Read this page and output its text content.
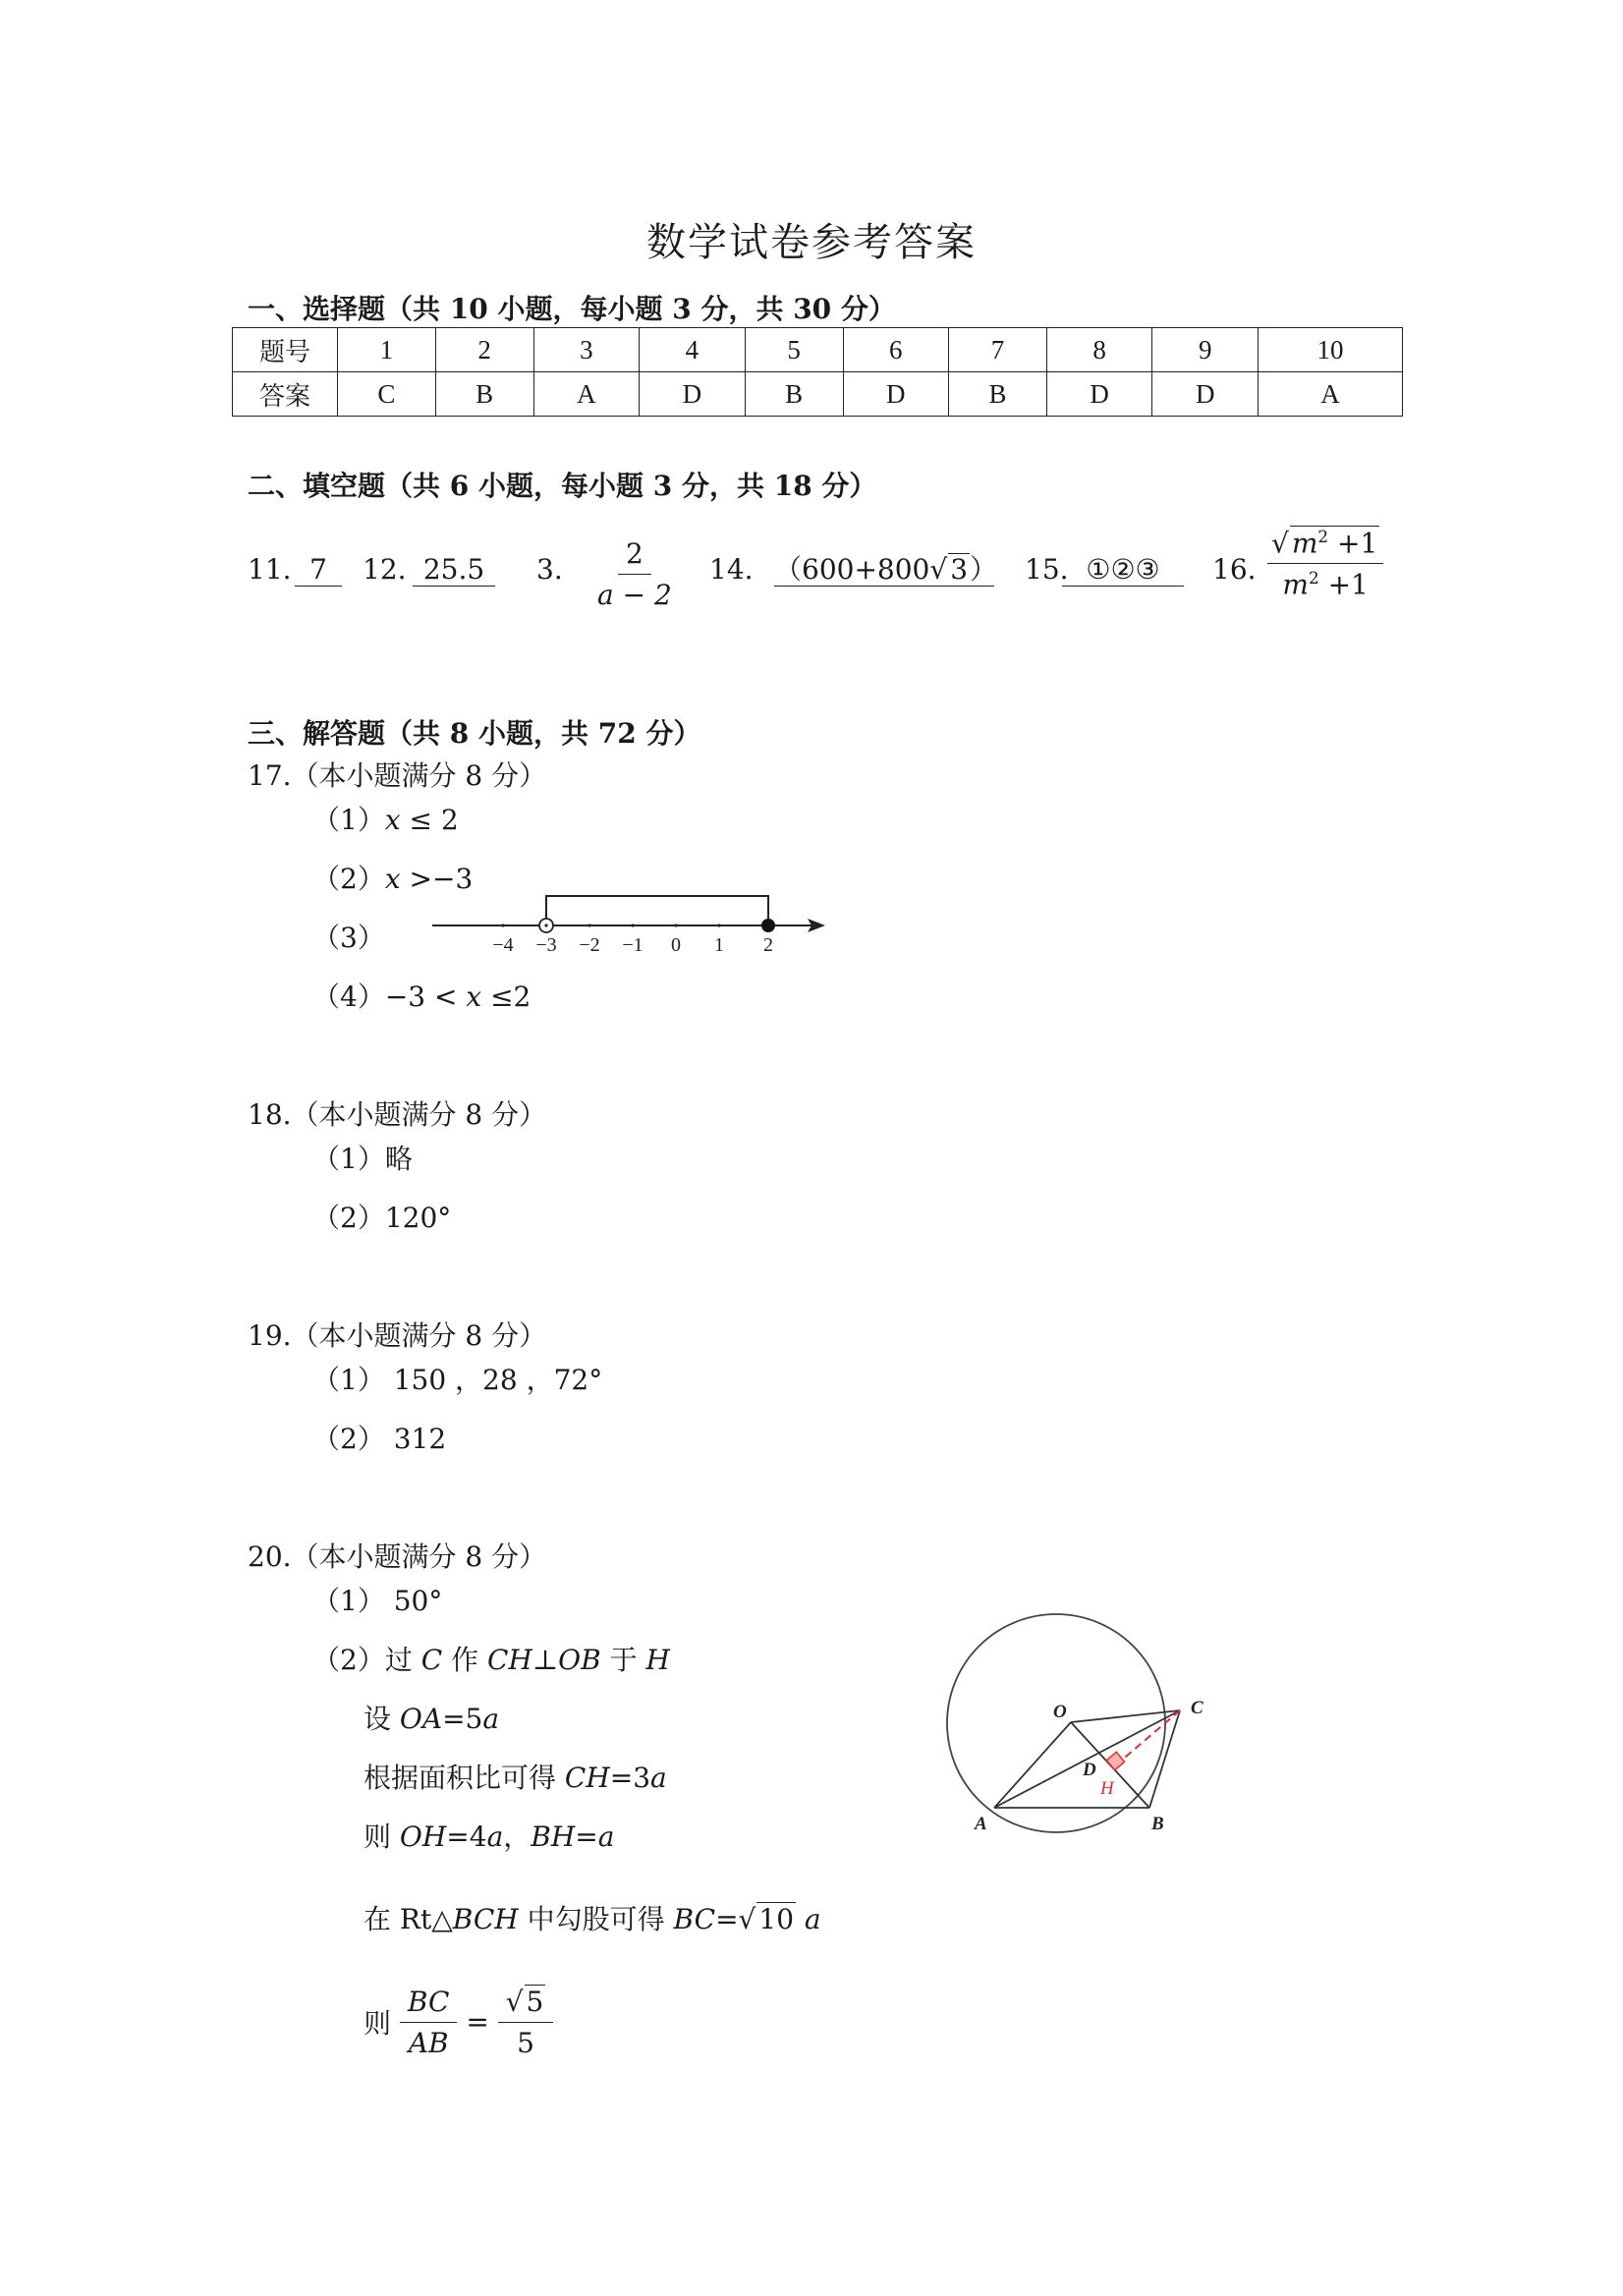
数学试卷参考答案
一、选择题（共 10 小题，每小题 3 分，共 30 分）
题号	1	2	3	4	5	6	7	8	9	10
答案	C	B	A	D	B	D	B	D	D	A
二、填空题（共 6 小题，每小题 3 分，共 18 分）
11. 7	12. 25.5	3. $\frac{2}{a - 2} 14$. （600+800√ 3） 15. ①②③	16. $\frac{√ m^2 +1}{m^2 +1}$
三、解答题（共 8 小题，共 72 分）
17.（本小题满分 8 分）
（1）x ≤ 2
（2）x >−3
（3）	−4 −3 −2 −1 0 1 2
（4）−3 < x ≤2
18.（本小题满分 8 分）
（1）略
（2）120°
19.（本小题满分 8 分）
（1） 150 ，28 ，72°
（2） 312
20.（本小题满分 8 分）
（1） 50°
（2）过 C 作 CH⊥OB 于 H
设 OA=5a
根据面积比可得 CH=3a
则 OH=4a，BH=a
在 Rt△BCH 中勾股可得 BC=√ 10 a
则 $\frac{BC}{AB} = \frac{√ 5}{5}$
O	C
D
A	B
H
